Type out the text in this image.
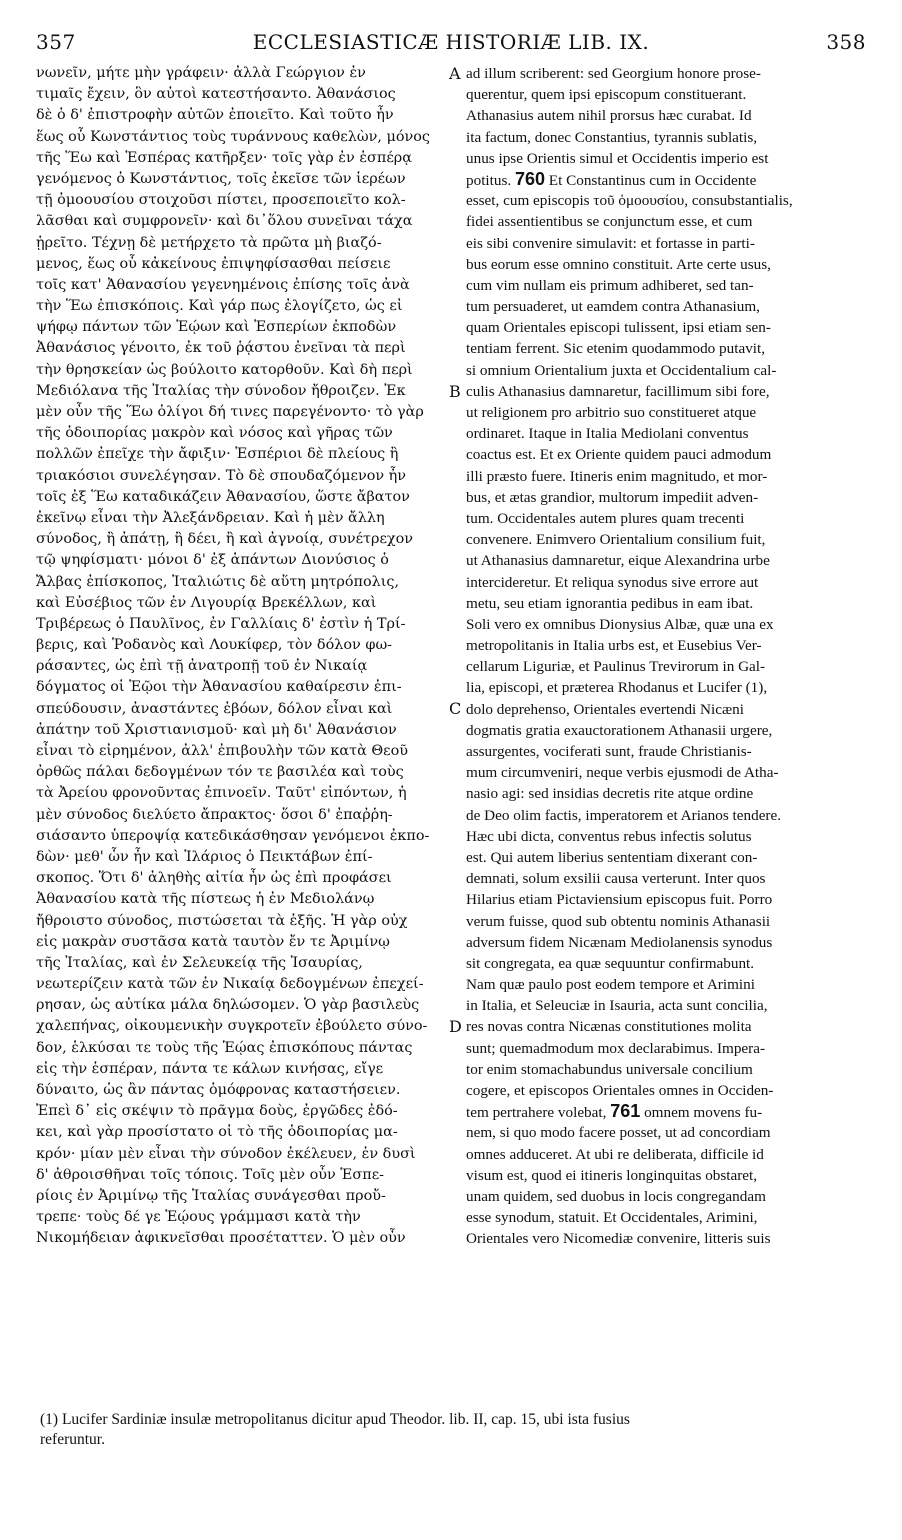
357	ECCLESIASTICÆ HISTORIÆ LIB. IX.	358
νωνεῖν, μήτε μὴν γράφειν· ἀλλὰ Γεώργιον ἐν
τιμαῖς ἔχειν, ὃν αὐτοὶ κατεστήσαντο. Ἀθανάσιος
δὲ ὁ δ' ἐπιστροφὴν αὐτῶν ἐποιεῖτο. Καὶ τοῦτο ἦν
ἕως οὗ Κωνστάντιος τοὺς τυράννους καθελὼν, μόνος
τῆς Ἕω καὶ Ἑσπέρας κατῆρξεν· τοῖς γὰρ ἐν ἑσπέρᾳ
γενόμενος ὁ Κωνστάντιος, τοῖς ἐκεῖσε τῶν ἱερέων
τῇ ὁμοουσίου στοιχοῦσι πίστει, προσεποιεῖτο κολ-
λᾶσθαι καὶ συμφρονεῖν· καὶ δι᾽ὅλου συνεῖναι τάχα
ᾑρεῖτο. Τέχνῃ δὲ μετήρχετο τὰ πρῶτα μὴ βιαζό-
μενος, ἕως οὗ κἀκείνους ἐπιψηφίσασθαι πείσειε
τοῖς κατ' Ἀθανασίου γεγενημένοις ἐπίσης τοῖς ἀνὰ
τὴν Ἕω ἐπισκόποις. Καὶ γάρ πως ἐλογίζετο, ὡς εἰ
ψήφῳ πάντων τῶν Ἑῴων καὶ Ἑσπερίων ἐκποδὼν
Ἀθανάσιος γένοιτο, ἐκ τοῦ ῥᾴστου ἐνεῖναι τὰ περὶ
τὴν θρησκείαν ὡς βούλοιτο κατορθοῦν. Καὶ δὴ περὶ
Μεδιόλανα τῆς Ἰταλίας τὴν σύνοδον ἤθροιζεν. Ἐκ
μὲν οὖν τῆς Ἕω ὀλίγοι δή τινες παρεγένοντο· τὸ γὰρ
τῆς ὁδοιπορίας μακρὸν καὶ νόσος καὶ γῆρας τῶν
πολλῶν ἐπεῖχε τὴν ἄφιξιν· Ἑσπέριοι δὲ πλείους ἢ
τριακόσιοι συνελέγησαν. Τὸ δὲ σπουδαζόμενον ἦν
τοῖς ἐξ Ἕω καταδικάζειν Ἀθανασίου, ὥστε ἄβατον
ἐκεῖνῳ εἶναι τὴν Ἀλεξάνδρειαν. Καὶ ἡ μὲν ἄλλη
σύνοδος, ἢ ἀπάτῃ, ἢ δέει, ἢ καὶ ἀγνοίᾳ, συνέτρεχον
τῷ ψηφίσματι· μόνοι δ' ἐξ ἁπάντων Διονύσιος ὁ
Ἄλβας ἐπίσκοπος, Ἰταλιώτις δὲ αὕτη μητρόπολις,
καὶ Εὐσέβιος τῶν ἐν Λιγουρίᾳ Βρεκέλλων, καὶ
Τριβέρεως ὁ Παυλῖνος, ἐν Γαλλίαις δ' ἐστὶν ἡ Τρί-
βερις, καὶ Ῥοδανὸς καὶ Λουκίφερ, τὸν δόλον φω-
ράσαντες, ὡς ἐπὶ τῇ ἀνατροπῇ τοῦ ἐν Νικαίᾳ
δόγματος οἱ Ἑῷοι τὴν Ἀθανασίου καθαίρεσιν ἐπι-
σπεύδουσιν, ἀναστάντες ἐβόων, δόλον εἶναι καὶ
ἀπάτην τοῦ Χριστιανισμοῦ· καὶ μὴ δι' Ἀθανάσιον
εἶναι τὸ εἰρημένον, ἀλλ' ἐπιβουλὴν τῶν κατὰ Θεοῦ
ὀρθῶς πάλαι δεδογμένων τόν τε βασιλέα καὶ τοὺς
τὰ Ἀρείου φρονοῦντας ἐπινοεῖν. Ταῦτ' εἰπόντων, ἡ
μὲν σύνοδος διελύετο ἄπρακτος· ὅσοι δ' ἐπαῤῥη-
σιάσαντο ὑπεροψίᾳ κατεδικάσθησαν γενόμενοι ἐκπο-
δὼν· μεθ' ὧν ἦν καὶ Ἱλάριος ὁ Πεικτάβων ἐπί-
σκοπος. Ὅτι δ' ἀληθὴς αἰτία ἦν ὡς ἐπὶ προφάσει
Ἀθανασίου κατὰ τῆς πίστεως ἡ ἐν Μεδιολάνῳ
ἤθροιστο σύνοδος, πιστώσεται τὰ ἑξῆς. Ἡ γὰρ οὐχ
εἰς μακρὰν συστᾶσα κατὰ ταυτὸν ἔν τε Ἀριμίνῳ
τῆς Ἰταλίας, καὶ ἐν Σελευκείᾳ τῆς Ἰσαυρίας,
νεωτερίζειν κατὰ τῶν ἐν Νικαίᾳ δεδογμένων ἐπεχεί-
ρησαν, ὡς αὐτίκα μάλα δηλώσομεν. Ὁ γὰρ βασιλεὺς
χαλεπήνας, οἰκουμενικὴν συγκροτεῖν ἐβούλετο σύνο-
δον, ἑλκύσαι τε τοὺς τῆς Ἑῴας ἐπισκόπους πάντας
εἰς τὴν ἑσπέραν, πάντα τε κάλων κινήσας, εἴγε
δύναιτο, ὡς ἂν πάντας ὁμόφρονας καταστήσειεν.
Ἐπεὶ δ᾽ εἰς σκέψιν τὸ πρᾶγμα δοὺς, ἐργῶδες ἐδό-
κει, καὶ γὰρ προσίστατο οἱ τὸ τῆς ὁδοιπορίας μα-
κρόν· μίαν μὲν εἶναι τὴν σύνοδον ἐκέλευεν, ἐν δυσὶ
δ' ἀθροισθῆναι τοῖς τόποις. Τοῖς μὲν οὖν Ἑσπε-
ρίοις ἐν Ἀριμίνῳ τῆς Ἰταλίας συνάγεσθαι προὔ-
τρεπε· τοὺς δέ γε Ἑῴους γράμμασι κατὰ τὴν
Νικομήδειαν ἀφικνεῖσθαι προσέταττεν. Ὁ μὲν οὖν
A
B
C
D
ad illum scriberent: sed Georgium honore prose-
querentur, quem ipsi episcopum constituerant.
Athanasius autem nihil prorsus hæc curabat. Id
ita factum, donec Constantius, tyrannis sublatis,
unus ipse Orientis simul et Occidentis imperio est
potitus. 760 Et Constantinus cum in Occidente
esset, cum episcopis τοῦ ὁμοουσίου, consubstantialis,
fidei assentientibus se conjunctum esse, et cum
eis sibi convenire simulavit: et fortasse in parti-
bus eorum esse omnino constituit. Arte certe usus,
cum vim nullam eis primum adhiberet, sed tan-
tum persuaderet, ut eamdem contra Athanasium,
quam Orientales episcopi tulissent, ipsi etiam sen-
tentiam ferrent. Sic etenim quodammodo putavit,
si omnium Orientalium juxta et Occidentalium cal-
culis Athanasius damnaretur, facillimum sibi fore,
ut religionem pro arbitrio suo constitueret atque
ordinaret. Itaque in Italia Mediolani conventus
coactus est. Et ex Oriente quidem pauci admodum
illi præsto fuere. Itineris enim magnitudo, et mor-
bus, et ætas grandior, multorum impediit adven-
tum. Occidentales autem plures quam trecenti
convenere. Enimvero Orientalium consilium fuit,
ut Athanasius damnaretur, eique Alexandrina urbe
intercideretur. Et reliqua synodus sive errore aut
metu, seu etiam ignorantia pedibus in eam ibat.
Soli vero ex omnibus Dionysius Albæ, quæ una ex
metropolitanis in Italia urbs est, et Eusebius Ver-
cellarum Liguriæ, et Paulinus Trevirorum in Gal-
lia, episcopi, et præterea Rhodanus et Lucifer (1),
dolo deprehenso, Orientales evertendi Nicæni
dogmatis gratia exauctorationem Athanasii urgere,
assurgentes, vociferati sunt, fraude Christianis-
mum circumveniri, neque verbis ejusmodi de Atha-
nasio agi: sed insidias decretis rite atque ordine
de Deo olim factis, imperatorem et Arianos tendere.
Hæc ubi dicta, conventus rebus infectis solutus
est. Qui autem liberius sententiam dixerant con-
demnati, solum exsilii causa verterunt. Inter quos
Hilarius etiam Pictaviensium episcopus fuit. Porro
verum fuisse, quod sub obtentu nominis Athanasii
adversum fidem Nicænam Mediolanensis synodus
sit congregata, ea quæ sequuntur confirmabunt.
Nam quæ paulo post eodem tempore et Arimini
in Italia, et Seleuciæ in Isauria, acta sunt concilia,
res novas contra Nicænas constitutiones molita
sunt; quemadmodum mox declarabimus. Impera-
tor enim stomachabundus universale concilium
cogere, et episcopos Orientales omnes in Occiden-
tem pertrahere volebat, 761 omnem movens fu-
nem, si quo modo facere posset, ut ad concordiam
omnes adduceret. At ubi re deliberata, difficile id
visum est, quod ei itineris longinquitas obstaret,
unam quidem, sed duobus in locis congregandam
esse synodum, statuit. Et Occidentales, Arimini,
Orientales vero Nicomediæ convenire, litteris suis
(1) Lucifer Sardiniæ insulæ metropolitanus dicitur apud Theodor. lib. II, cap. 15, ubi ista fusius
referuntur.
